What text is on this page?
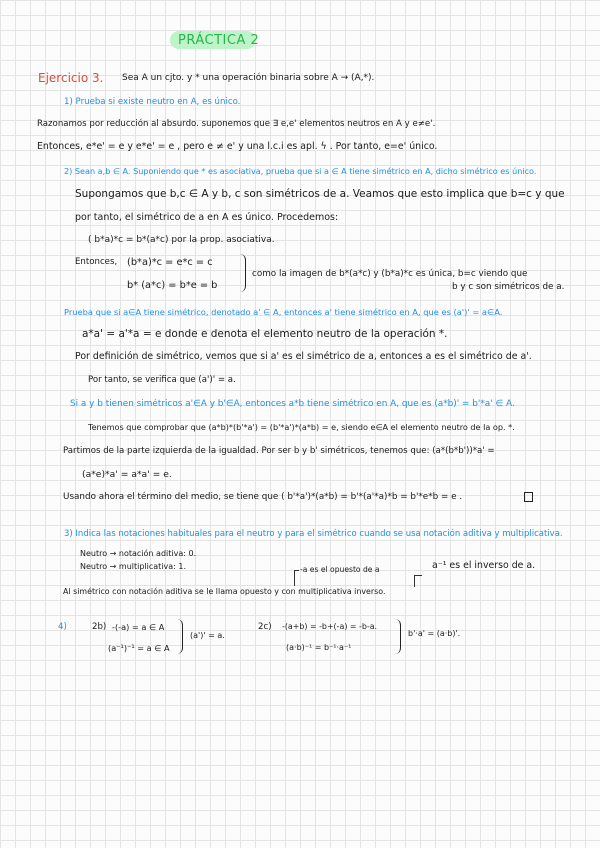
PRÁCTICA 2
Ejercicio 3. Sea A un cjto. y * una operación binaria sobre A → (A,*).
1) Prueba si existe neutro en A, es único.
Razonamos por reducción al absurdo. suponemos que ∃ e,e' elementos neutros en A y e≠e'.
Entonces, e*e' = e y e*e' = e , pero e ≠ e' y una l.c.i es apl. ϟ . Por tanto, e=e' único.
2) Sean a,b ∈ A. Suponiendo que * es asociativa, prueba que si a ∈ A tiene simétrico en A, dicho simétrico es único.
Supongamos que b,c ∈ A y b, c son simétricos de a. Veamos que esto implica que b=c y que
por tanto, el simétrico de a en A es único. Procedemos:
( b*a)*c = b*(a*c) por la prop. asociativa.
Entonces, (b*a)*c = e*c = c
b* (a*c) = b*e = b
como la imagen de b*(a*c) y (b*a)*c es única, b=c viendo que
b y c son simétricos de a.
Prueba que si a∈A tiene simétrico, denotado a' ∈ A, entonces a' tiene simétrico en A, que es (a')' = a∈A.
a*a' = a'*a = e donde e denota el elemento neutro de la operación *.
Por definición de simétrico, vemos que si a' es el simétrico de a, entonces a es el simétrico de a'.
Por tanto, se verifica que (a')' = a.
Si a y b tienen simétricos a'∈A y b'∈A, entonces a*b tiene simétrico en A, que es (a*b)' = b'*a' ∈ A.
Tenemos que comprobar que (a*b)*(b'*a') = (b'*a')*(a*b) = e, siendo e∈A el elemento neutro de la op. *.
Partimos de la parte izquierda de la igualdad. Por ser b y b' simétricos, tenemos que: (a*(b*b'))*a' =
(a*e)*a' = a*a' = e.
Usando ahora el término del medio, se tiene que ( b'*a')*(a*b) = b'*(a'*a)*b = b'*e*b = e .
3) Indica las notaciones habituales para el neutro y para el simétrico cuando se usa notación aditiva y multiplicativa.
Neutro → notación aditiva: 0.
Neutro → multiplicativa: 1.	-a es el opuesto de a	a⁻¹ es el inverso de a.
Al simétrico con notación aditiva se le llama opuesto y con multiplicativa inverso.
4)	2b) -(-a) = a ∈ A
(a⁻¹)⁻¹ = a ∈ A
(a')' = a.
2c) -(a+b) = -b+(-a) = -b-a.
(a·b)⁻¹ = b⁻¹·a⁻¹
b'·a' = (a·b)'.
